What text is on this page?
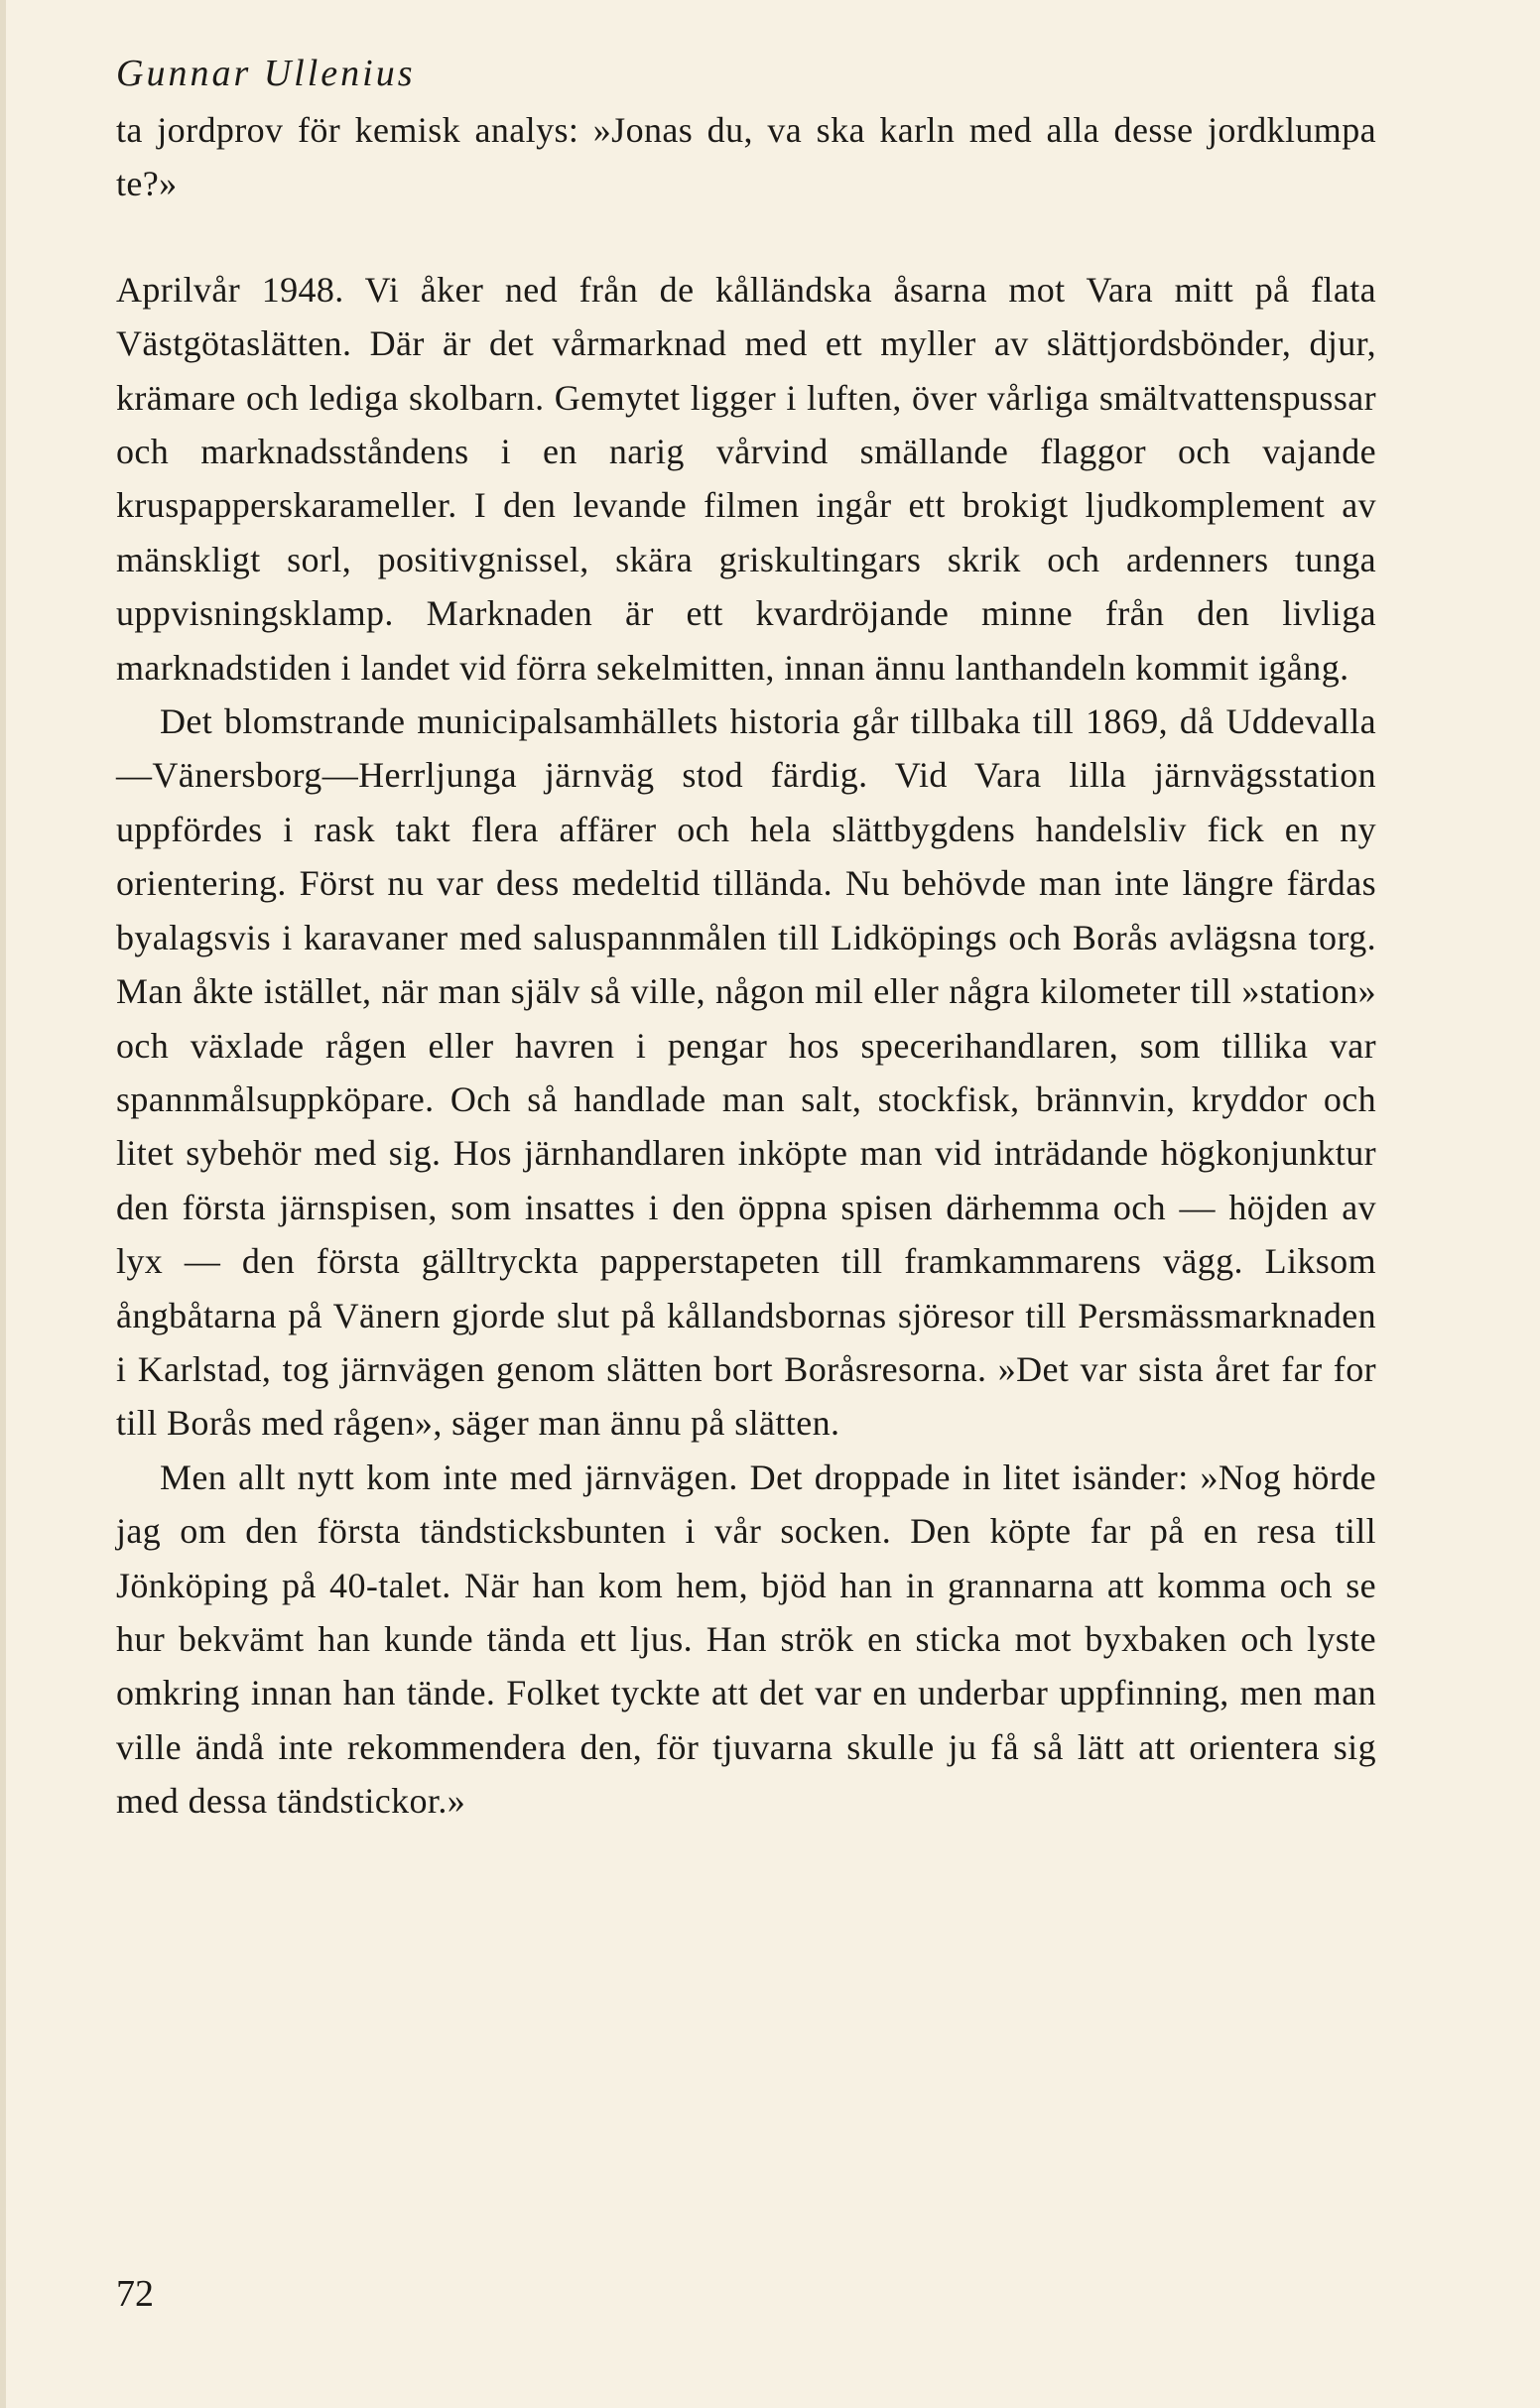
Gunnar Ullenius

ta jordprov för kemisk analys: »Jonas du, va ska karln med alla desse jordklumpa te?»

Aprilvår 1948. Vi åker ned från de kålländska åsarna mot Vara mitt på flata Västgötaslätten. Där är det vårmarknad med ett myller av slättjordsbönder, djur, krämare och lediga skolbarn. Gemytet ligger i luften, över vårliga smältvattenspussar och marknadsståndens i en narig vårvind smällande flaggor och vajande kruspapperskarameller. I den levande filmen ingår ett brokigt ljudkomplement av mänskligt sorl, positivgnissel, skära griskultingars skrik och ardenners tunga uppvisningsklamp. Marknaden är ett kvardröjande minne från den livliga marknadstiden i landet vid förra sekelmitten, innan ännu lanthandeln kommit igång.

Det blomstrande municipalsamhällets historia går tillbaka till 1869, då Uddevalla—Vänersborg—Herrljunga järnväg stod färdig. Vid Vara lilla järnvägsstation uppfördes i rask takt flera affärer och hela slättbygdens handelsliv fick en ny orientering. Först nu var dess medeltid tillända. Nu behövde man inte längre färdas byalagsvis i karavaner med saluspannmålen till Lidköpings och Borås avlägsna torg. Man åkte istället, när man själv så ville, någon mil eller några kilometer till »station» och växlade rågen eller havren i pengar hos specerihandlaren, som tillika var spannmålsuppköpare. Och så handlade man salt, stockfisk, brännvin, kryddor och litet sybehör med sig. Hos järnhandlaren inköpte man vid inträdande högkonjunktur den första järnspisen, som insattes i den öppna spisen därhemma och — höjden av lyx — den första gälltryckta papperstapeten till framkammarens vägg. Liksom ångbåtarna på Vänern gjorde slut på kållandsbornas sjöresor till Persmässmarknaden i Karlstad, tog järnvägen genom slätten bort Boråsresorna. »Det var sista året far for till Borås med rågen», säger man ännu på slätten.

Men allt nytt kom inte med järnvägen. Det droppade in litet isänder: »Nog hörde jag om den första tändsticksbunten i vår socken. Den köpte far på en resa till Jönköping på 40-talet. När han kom hem, bjöd han in grannarna att komma och se hur bekvämt han kunde tända ett ljus. Han strök en sticka mot byxbaken och lyste omkring innan han tände. Folket tyckte att det var en underbar uppfinning, men man ville ändå inte rekommendera den, för tjuvarna skulle ju få så lätt att orientera sig med dessa tändstickor.»

72
